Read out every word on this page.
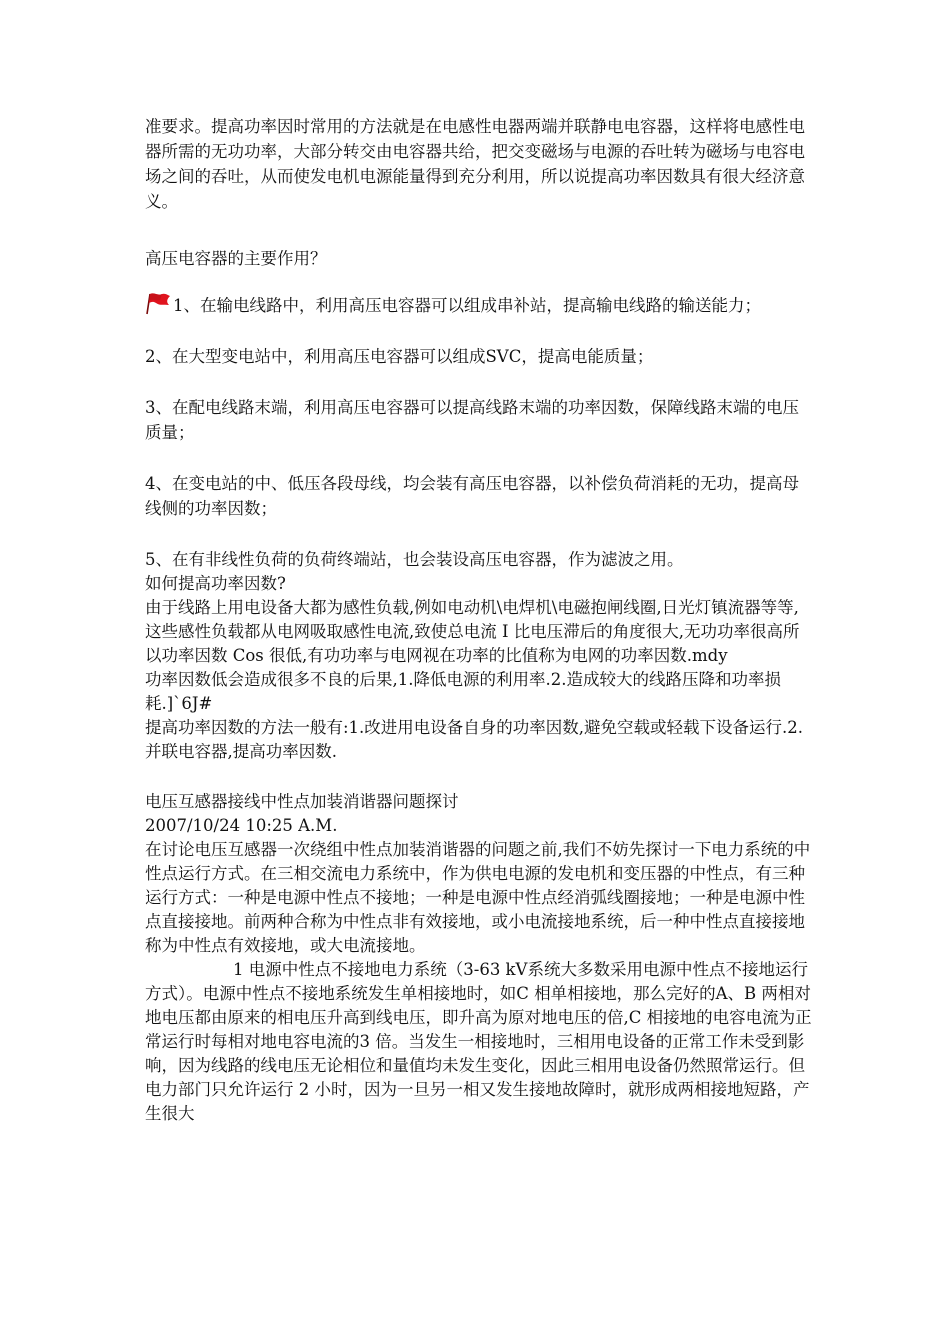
准要求。提高功率因时常用的方法就是在电感性电器两端并联静电电容器，这样将电感性电器所需的无功功率，大部分转交由电容器共给，把交变磁场与电源的吞吐转为磁场与电容电场之间的吞吐，从而使发电机电源能量得到充分利用，所以说提高功率因数具有很大经济意义。

高压电容器的主要作用？

1、在输电线路中，利用高压电容器可以组成串补站，提高输电线路的输送能力；

2、在大型变电站中，利用高压电容器可以组成SVC，提高电能质量；

3、在配电线路末端，利用高压电容器可以提高线路末端的功率因数，保障线路末端的电压质量；

4、在变电站的中、低压各段母线，均会装有高压电容器，以补偿负荷消耗的无功，提高母线侧的功率因数；

5、在有非线性负荷的负荷终端站，也会装设高压电容器，作为滤波之用。

如何提高功率因数?

由于线路上用电设备大都为感性负载,例如电动机\电焊机\电磁抱闸线圈,日光灯镇流器等等,这些感性负载都从电网吸取感性电流,致使总电流 I 比电压滞后的角度很大,无功功率很高所以功率因数 Cos 很低,有功功率与电网视在功率的比值称为电网的功率因数.mdy

功率因数低会造成很多不良的后果,1.降低电源的利用率.2.造成较大的线路压降和功率损耗.]`6J#

提高功率因数的方法一般有:1.改进用电设备自身的功率因数,避免空载或轻载下设备运行.2.并联电容器,提高功率因数.

电压互感器接线中性点加装消谐器问题探讨

2007/10/24 10:25 A.M.

在讨论电压互感器一次绕组中性点加装消谐器的问题之前,我们不妨先探讨一下电力系统的中性点运行方式。在三相交流电力系统中，作为供电电源的发电机和变压器的中性点，有三种运行方式：一种是电源中性点不接地；一种是电源中性点经消弧线圈接地；一种是电源中性点直接接地。前两种合称为中性点非有效接地，或小电流接地系统，后一种中性点直接接地称为中性点有效接地，或大电流接地。

1 电源中性点不接地电力系统（3-63 kV系统大多数采用电源中性点不接地运行方式）。电源中性点不接地系统发生单相接地时，如C 相单相接地，那么完好的A、B 两相对地电压都由原来的相电压升高到线电压，即升高为原对地电压的倍,C 相接地的电容电流为正常运行时每相对地电容电流的3 倍。当发生一相接地时，三相用电设备的正常工作未受到影响，因为线路的线电压无论相位和量值均未发生变化，因此三相用电设备仍然照常运行。但电力部门只允许运行 2 小时，因为一旦另一相又发生接地故障时，就形成两相接地短路，产生很大
